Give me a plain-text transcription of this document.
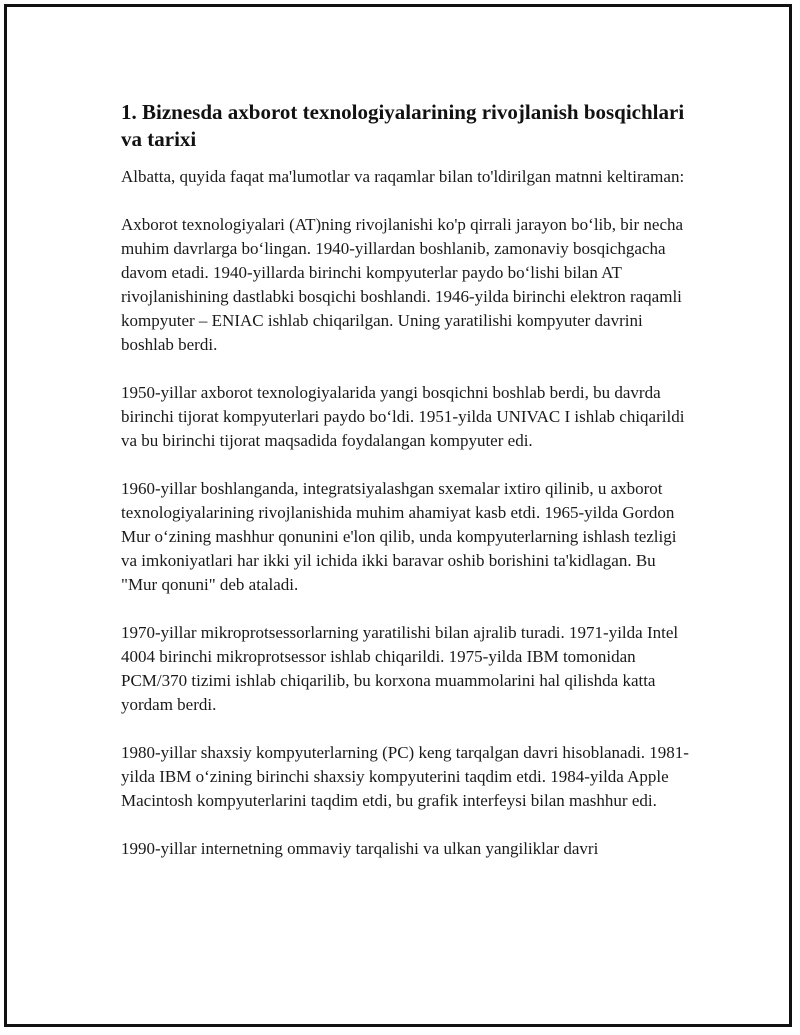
1. Biznesda axborot texnologiyalarining rivojlanish bosqichlari va tarixi

Albatta, quyida faqat ma'lumotlar va raqamlar bilan to'ldirilgan matnni keltiraman:

Axborot texnologiyalari (AT)ning rivojlanishi ko'p qirrali jarayon boʻlib, bir necha muhim davrlarga boʻlingan. 1940-yillardan boshlanib, zamonaviy bosqichgacha davom etadi. 1940-yillarda birinchi kompyuterlar paydo boʻlishi bilan AT rivojlanishining dastlabki bosqichi boshlandi. 1946-yilda birinchi elektron raqamli kompyuter – ENIAC ishlab chiqarilgan. Uning yaratilishi kompyuter davrini boshlab berdi.

1950-yillar axborot texnologiyalarida yangi bosqichni boshlab berdi, bu davrda birinchi tijorat kompyuterlari paydo boʻldi. 1951-yilda UNIVAC I ishlab chiqarildi va bu birinchi tijorat maqsadida foydalangan kompyuter edi.

1960-yillar boshlanganda, integratsiyalashgan sxemalar ixtiro qilinib, u axborot texnologiyalarining rivojlanishida muhim ahamiyat kasb etdi. 1965-yilda Gordon Mur oʻzining mashhur qonunini e'lon qilib, unda kompyuterlarning ishlash tezligi va imkoniyatlari har ikki yil ichida ikki baravar oshib borishini ta'kidlagan. Bu "Mur qonuni" deb ataladi.

1970-yillar mikroprotsessorlarning yaratilishi bilan ajralib turadi. 1971-yilda Intel 4004 birinchi mikroprotsessor ishlab chiqarildi. 1975-yilda IBM tomonidan PCM/370 tizimi ishlab chiqarilib, bu korxona muammolarini hal qilishda katta yordam berdi.

1980-yillar shaxsiy kompyuterlarning (PC) keng tarqalgan davri hisoblanadi. 1981-yilda IBM oʻzining birinchi shaxsiy kompyuterini taqdim etdi. 1984-yilda Apple Macintosh kompyuterlarini taqdim etdi, bu grafik interfeysi bilan mashhur edi.

1990-yillar internetning ommaviy tarqalishi va ulkan yangiliklar davri
